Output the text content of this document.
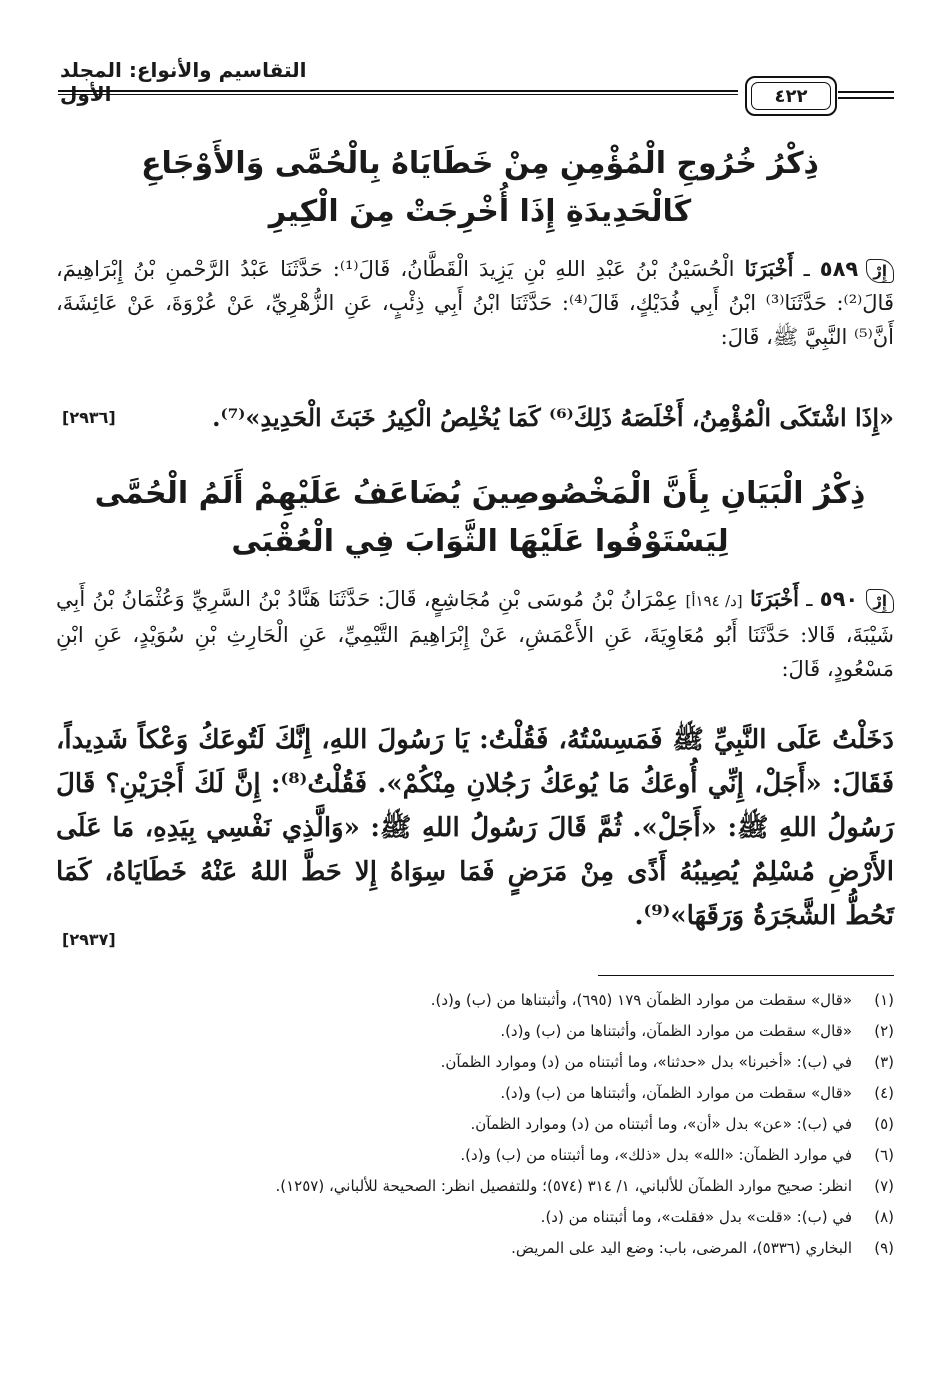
التقاسيم والأنواع: المجلد الأول	٤٢٢
ذِكْرُ خُرُوجِ الْمُؤْمِنِ مِنْ خَطَايَاهُ بِالْحُمَّى وَالأَوْجَاعِ
كَالْحَدِيدَةِ إِذَا أُخْرِجَتْ مِنَ الْكِيرِ
إِرْ٥٨٩ ـ أَخْبَرَنَا الْحُسَيْنُ بْنُ عَبْدِ اللهِ بْنِ يَزِيدَ الْقَطَّانُ، قَالَ⁽¹⁾: حَدَّثَنَا عَبْدُ الرَّحْمنِ بْنُ إِبْرَاهِيمَ، قَالَ⁽²⁾: حَدَّثَنَا⁽³⁾ ابْنُ أَبِي فُدَيْكٍ، قَالَ⁽⁴⁾: حَدَّثَنَا ابْنُ أَبِي ذِئْبٍ، عَنِ الزُّهْرِيِّ، عَنْ عُرْوَةَ، عَنْ عَائِشَةَ، أَنَّ⁽⁵⁾ النَّبِيَّ ﷺ، قَالَ:
«إِذَا اشْتَكَى الْمُؤْمِنُ، أَخْلَصَهُ ذَلِكَ⁽⁶⁾ كَمَا يُخْلِصُ الْكِيرُ خَبَثَ الْحَدِيدِ»⁽⁷⁾.
[٢٩٣٦]
ذِكْرُ الْبَيَانِ بِأَنَّ الْمَخْصُوصِينَ يُضَاعَفُ عَلَيْهِمْ أَلَمُ الْحُمَّى
لِيَسْتَوْفُوا عَلَيْهَا الثَّوَابَ فِي الْعُقْبَى
إِرْ٥٩٠ ـ أَخْبَرَنَا [د/ ١٩٤أ] عِمْرَانُ بْنُ مُوسَى بْنِ مُجَاشِعٍ، قَالَ: حَدَّثَنَا هَنَّادُ بْنُ السَّرِيِّ وَعُثْمَانُ بْنُ أَبِي شَيْبَةَ، قَالا: حَدَّثَنَا أَبُو مُعَاوِيَةَ، عَنِ الأَعْمَشِ، عَنْ إِبْرَاهِيمَ التَّيْمِيِّ، عَنِ الْحَارِثِ بْنِ سُوَيْدٍ، عَنِ ابْنِ مَسْعُودٍ، قَالَ:
دَخَلْتُ عَلَى النَّبِيِّ ﷺ فَمَسِسْتُهُ، فَقُلْتُ: يَا رَسُولَ اللهِ، إِنَّكَ لَتُوعَكُ وَعْكاً شَدِيداً، فَقَالَ: «أَجَلْ، إِنِّي أُوعَكُ مَا يُوعَكُ رَجُلانِ مِنْكُمْ». فَقُلْتُ⁽⁸⁾: إِنَّ لَكَ أَجْرَيْنِ؟ قَالَ رَسُولُ اللهِ ﷺ: «أَجَلْ». ثُمَّ قَالَ رَسُولُ اللهِ ﷺ: «وَالَّذِي نَفْسِي بِيَدِهِ، مَا عَلَى الأَرْضِ مُسْلِمٌ يُصِيبُهُ أَذًى مِنْ مَرَضٍ فَمَا سِوَاهُ إِلا حَطَّ اللهُ عَنْهُ خَطَايَاهُ، كَمَا تَحُطُّ الشَّجَرَةُ وَرَقَهَا»⁽⁹⁾.
[٢٩٣٧]
(١)
«قال» سقطت من موارد الظمآن ١٧٩ (٦٩٥)، وأثبتناها من (ب) و(د).
(٢)
«قال» سقطت من موارد الظمآن، وأثبتناها من (ب) و(د).
(٣)
في (ب): «أخبرنا» بدل «حدثنا»، وما أثبتناه من (د) وموارد الظمآن.
(٤)
«قال» سقطت من موارد الظمآن، وأثبتناها من (ب) و(د).
(٥)
في (ب): «عن» بدل «أن»، وما أثبتناه من (د) وموارد الظمآن.
(٦)
في موارد الظمآن: «الله» بدل «ذلك»، وما أثبتناه من (ب) و(د).
(٧)
انظر: صحيح موارد الظمآن للألباني، ١/ ٣١٤ (٥٧٤)؛ وللتفصيل انظر: الصحيحة للألباني، (١٢٥٧).
(٨)
في (ب): «قلت» بدل «فقلت»، وما أثبتناه من (د).
(٩)
البخاري (٥٣٣٦)، المرضى، باب: وضع اليد على المريض.
